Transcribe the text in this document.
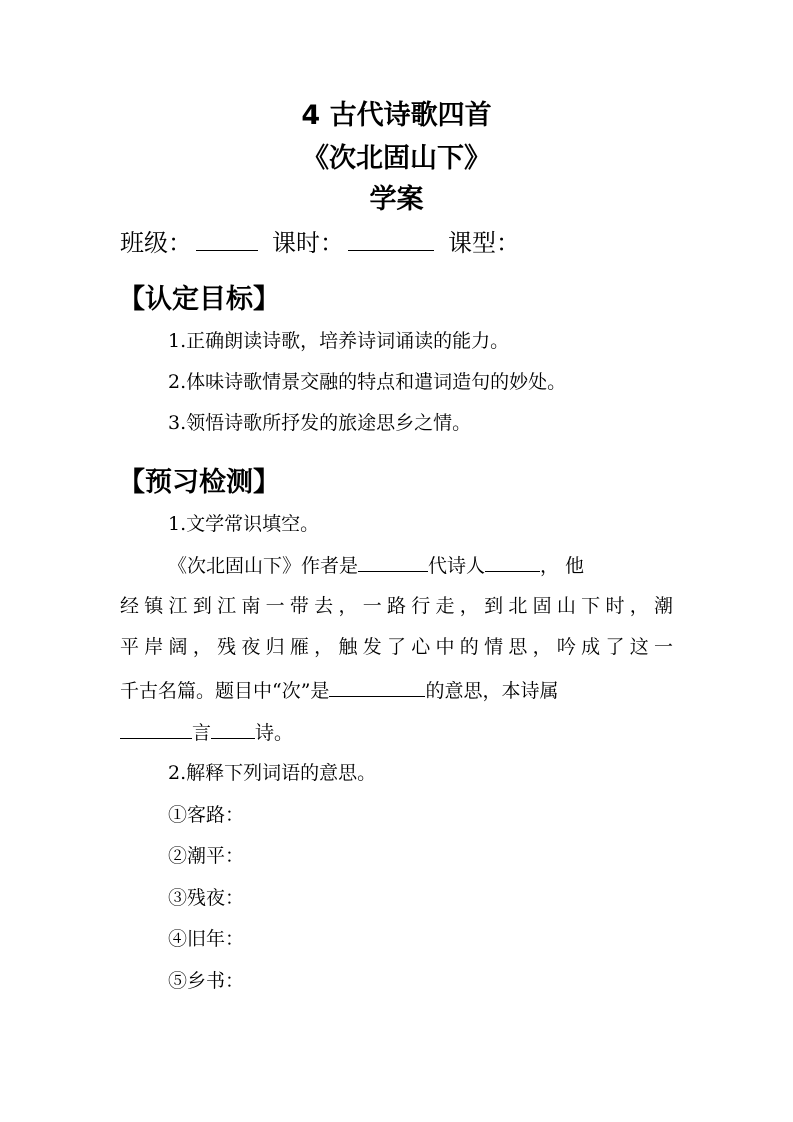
4 古代诗歌四首
《次北固山下》
学案
班级：	课时：	课型：
【认定目标】
1.正确朗读诗歌，培养诗词诵读的能力。
2.体味诗歌情景交融的特点和遣词造句的妙处。
3.领悟诗歌所抒发的旅途思乡之情。
【预习检测】
1.文学常识填空。
《次北固山下》作者是	代诗人	，他
经镇江到江南一带去，一路行走，到北固山下时，潮
平岸阔，残夜归雁，触发了心中的情思，吟成了这一
千古名篇。题目中“次”是	的意思，本诗属
言 诗。
2.解释下列词语的意思。
①客路：
②潮平：
③残夜：
④旧年：
⑤乡书：
